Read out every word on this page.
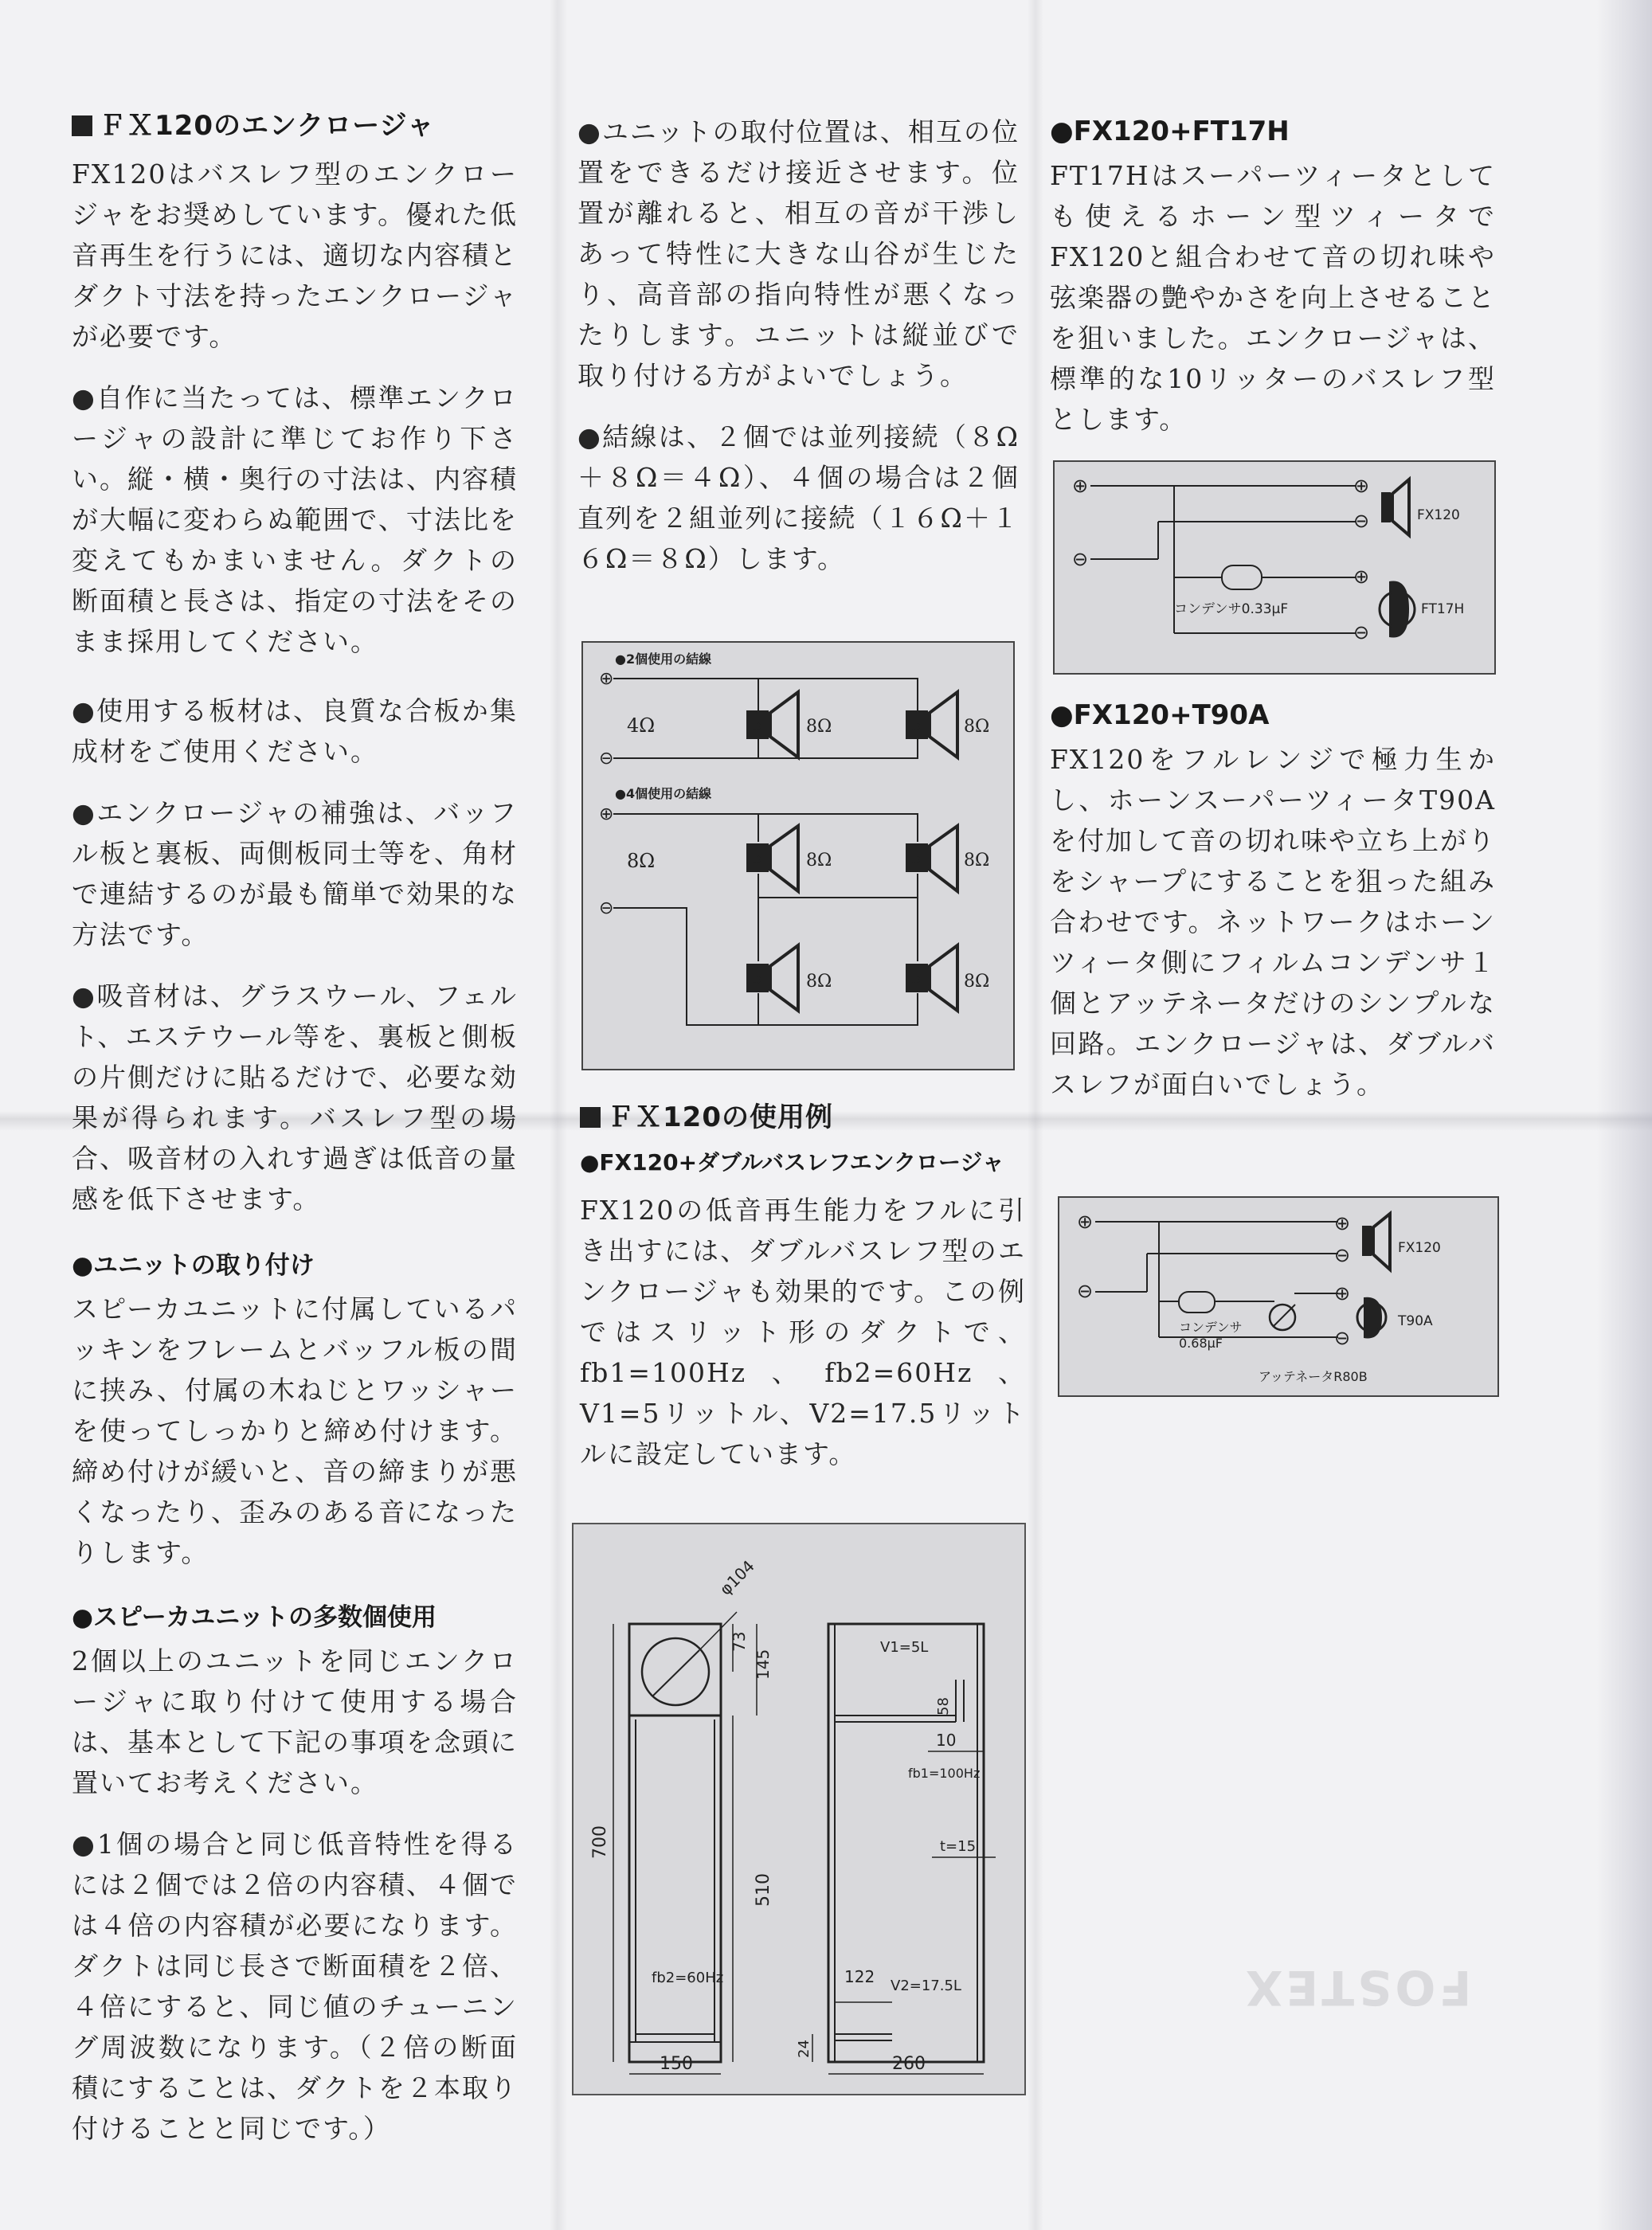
FOSTEX
ＦＸ120のエンクロージャ

FX120はバスレフ型のエンクロージャをお奨めしています。優れた低音再生を行うには、適切な内容積とダクト寸法を持ったエンクロージャが必要です。

●自作に当たっては、標準エンクロージャの設計に準じてお作り下さい。縦・横・奥行の寸法は、内容積が大幅に変わらぬ範囲で、寸法比を変えてもかまいません。ダクトの断面積と長さは、指定の寸法をそのまま採用してください。

●使用する板材は、良質な合板か集成材をご使用ください。

●エンクロージャの補強は、バッフル板と裏板、両側板同士等を、角材で連結するのが最も簡単で効果的な方法です。

●吸音材は、グラスウール、フェルト、エステウール等を、裏板と側板の片側だけに貼るだけで、必要な効果が得られます。バスレフ型の場合、吸音材の入れす過ぎは低音の量感を低下させます。

●ユニットの取り付け

スピーカユニットに付属しているパッキンをフレームとバッフル板の間に挟み、付属の木ねじとワッシャーを使ってしっかりと締め付けます。締め付けが緩いと、音の締まりが悪くなったり、歪みのある音になったりします。

●スピーカユニットの多数個使用

2個以上のユニットを同じエンクロージャに取り付けて使用する場合は、基本として下記の事項を念頭に置いてお考えください。

●1個の場合と同じ低音特性を得るには２個では２倍の内容積、４個では４倍の内容積が必要になります。ダクトは同じ長さで断面積を２倍、４倍にすると、同じ値のチューニング周波数になります。（２倍の断面積にすることは、ダクトを２本取り付けることと同じです。）

●ユニットの取付位置は、相互の位置をできるだけ接近させます。位置が離れると、相互の音が干渉しあって特性に大きな山谷が生じたり、高音部の指向特性が悪くなったりします。ユニットは縦並びで取り付ける方がよいでしょう。

●結線は、２個では並列接続（８Ω＋８Ω＝４Ω）、４個の場合は２個直列を２組並列に接続（１６Ω＋１６Ω＝８Ω）します。

●2個使用の結線
⊕
⊖
4Ω	⊕	8Ω	⊕ 8Ω
●4個使用の結線
⊕
⊖
8Ω	⊕	8Ω	⊕ 8Ω
⊕	8Ω	⊕ 8Ω
ＦＸ120の使用例
●FX120+ダブルバスレフエンクロージャ

FX120の低音再生能力をフルに引き出すには、ダブルバスレフ型のエンクロージャも効果的です。この例ではスリット形のダクトで、fb1=100Hz、fb2=60Hz、V1=5リットル、V2=17.5リットルに設定しています。

φ104
73
145
700
510
fb2=60Hz
150
V1=5L
58
10
fb1=100Hz
t=15
V2=17.5L
122
24
260
●FX120+FT17H

FT17Hはスーパーツィータとしても使えるホーン型ツィータでFX120と組合わせて音の切れ味や弦楽器の艶やかさを向上させることを狙いました。エンクロージャは、標準的な10リッターのバスレフ型とします。

⊕
⊖
⊕
⊖	FX120
コンデンサ0.33μF
⊕
⊖
FT17H
●FX120+T90A

FX120をフルレンジで極力生かし、ホーンスーパーツィータT90Aを付加して音の切れ味や立ち上がりをシャープにすることを狙った組み合わせです。ネットワークはホーンツィータ側にフィルムコンデンサ１個とアッテネータだけのシンプルな回路。エンクロージャは、ダブルバスレフが面白いでしょう。

⊕
⊖
⊕
⊖	FX120
コンデンサ
0.68μF
アッテネータR80B
⊕
⊖
T90A
